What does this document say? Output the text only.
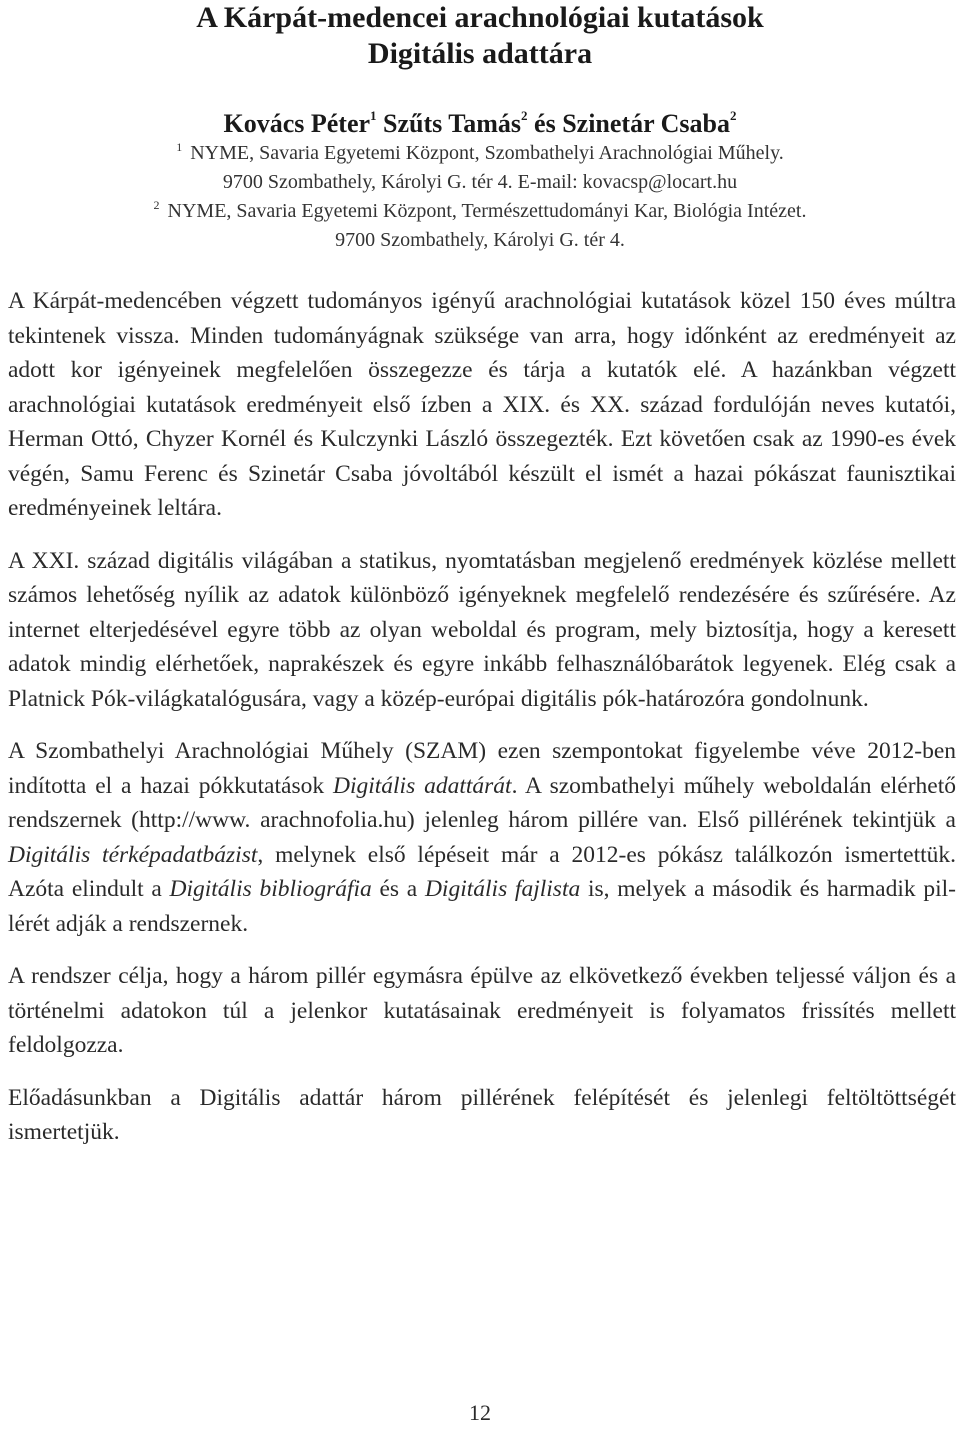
A Kárpát-medencei arachnológiai kutatások
Digitális adattára
Kovács Péter$^1$ Szűts Tamás$^2$ és Szinetár Csaba$^2$
$^1$ NYME, Savaria Egyetemi Központ, Szombathelyi Arachnológiai Műhely.
9700 Szombathely, Károlyi G. tér 4. E-mail: kovacsp@locart.hu
$^2$ NYME, Savaria Egyetemi Központ, Természettudományi Kar, Biológia Intézet.
9700 Szombathely, Károlyi G. tér 4.

A Kárpát-medencében végzett tudományos igényű arachnológiai kutatások közel 150 éves múltra tekintenek vissza. Minden tudományágnak szüksége van arra, hogy időnként az eredményeit az adott kor igényeinek megfelelően összegezze és tárja a kutatók elé. A hazánkban végzett arachnológiai kutatások eredményeit első ízben a XIX. és XX. század fordulóján neves kutatói, Herman Ottó, Chyzer Kornél és Kulczynki László összegezték. Ezt követően csak az 1990-es évek végén, Samu Ferenc és Szinetár Csaba jóvoltából készült el ismét a hazai pókászat faunisztikai eredményeinek leltára.

A XXI. század digitális világában a statikus, nyomtatásban megjelenő eredmények közlése mellett számos lehetőség nyílik az adatok különböző igényeknek megfelelő rendezésére és szűrésére. Az internet elterjedésével egyre több az olyan weboldal és program, mely biztosítja, hogy a keresett adatok mindig elérhetőek, naprakészek és egyre inkább felhasználóbarátok legyenek. Elég csak a Platnick Pók-világkatalógusára, vagy a közép-európai digitális pók-határozóra gondolnunk.

A Szombathelyi Arachnológiai Műhely (SZAM) ezen szempontokat figyelembe véve 2012-ben indította el a hazai pókkutatások Digitális adattárát. A szombathelyi műhely weboldalán elérhető rendszernek (http://www. arachnofolia.hu) jelenleg három pillére van. Első pillérének tekintjük a Digitális térképadatbázist, melynek első lépéseit már a 2012-es pókász találkozón ismertettük. Azóta elindult a Digitális bibliográfia és a Digitális fajlista is, melyek a második és harmadik pillérét adják a rendszernek.

A rendszer célja, hogy a három pillér egymásra épülve az elkövetkező években teljessé váljon és a történelmi adatokon túl a jelenkor kutatásainak eredményeit is folyamatos frissítés mellett feldolgozza.

Előadásunkban a Digitális adattár három pillérének felépítését és jelenlegi feltöltöttségét ismertetjük.

12
